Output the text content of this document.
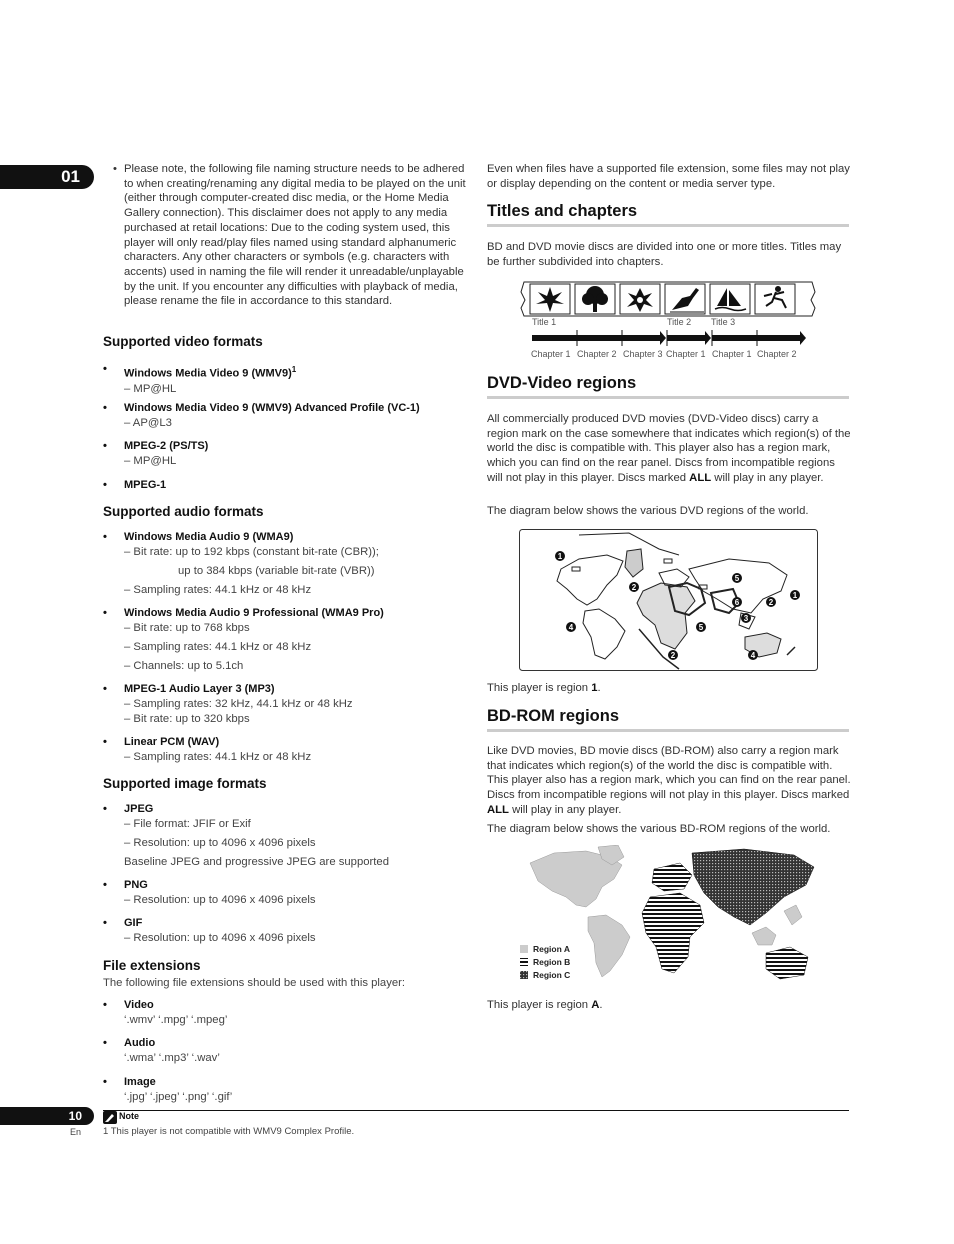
01	• Please note, the following file naming structure needs to be adhered to when creating/renaming any digital media to be played on the unit (either through computer-created disc media, or the Home Media Gallery connection). This disclaimer does not apply to any media purchased at retail locations: Due to the coding system used, this player will only read/play files named using standard alphanumeric characters. Any other characters or symbols (e.g. characters with accents) used in naming the file will render it unreadable/unplayable by the unit. If you encounter any difficulties with playback of media, please rename the file in accordance to this standard.
Supported video formats
• Windows Media Video 9 $(WMV9)^1$
– MP@HL
• Windows Media Video 9 (WMV9) Advanced Profile (VC-1)
– AP@L3
• MPEG-2 (PS/TS)
– MP@HL
• MPEG-1
Supported audio formats
• Windows Media Audio 9 (WMA9)
– Bit rate: up to 192 kbps (constant bit-rate (CBR));
up to 384 kbps (variable bit-rate (VBR))
– Sampling rates: 44.1 kHz or 48 kHz
• Windows Media Audio 9 Professional (WMA9 Pro)
– Bit rate: up to 768 kbps
– Sampling rates: 44.1 kHz or 48 kHz
– Channels: up to 5.1ch
• MPEG-1 Audio Layer 3 (MP3)
– Sampling rates: 32 kHz, 44.1 kHz or 48 kHz
– Bit rate: up to 320 kbps
• Linear PCM (WAV)
– Sampling rates: 44.1 kHz or 48 kHz
Supported image formats
• JPEG
– File format: JFIF or Exif
– Resolution: up to 4096 x 4096 pixels
Baseline JPEG and progressive JPEG are supported
• PNG
– Resolution: up to 4096 x 4096 pixels
• GIF
– Resolution: up to 4096 x 4096 pixels
File extensions
The following file extensions should be used with this player:
• Video
‘.wmv’ ‘.mpg’ ‘.mpeg’
• Audio
‘.wma’ ‘.mp3’ ‘.wav’
• Image
‘.jpg’ ‘.jpeg’ ‘.png’ ‘.gif’
Even when files have a supported file extension, some files may not play or display depending on the content or media server type.
Titles and chapters
BD and DVD movie discs are divided into one or more titles. Titles may be further subdivided into chapters.
Title 1	Title 2 Title 3
Chapter 1 Chapter 2 Chapter 3 Chapter 1 Chapter 1 Chapter 2
DVD-Video regions
All commercially produced DVD movies (DVD-Video discs) carry a region mark on the case somewhere that indicates which region(s) of the world the disc is compatible with. This player also has a region mark, which you can find on the rear panel. Discs from incompatible regions will not play in this player. Discs marked ALL will play in any player.
The diagram below shows the various DVD regions of the world.
1
2
5
6	2
1
4	5
3
2	4
This player is region 1.
BD-ROM regions
Like DVD movies, BD movie discs (BD-ROM) also carry a region mark that indicates which region(s) of the world the disc is compatible with. This player also has a region mark, which you can find on the rear panel. Discs from incompatible regions will not play in this player. Discs marked ALL will play in any player.
The diagram below shows the various BD-ROM regions of the world.
Region A
Region B
Region C
This player is region A.
10
En
Note
1 This player is not compatible with WMV9 Complex Profile.
